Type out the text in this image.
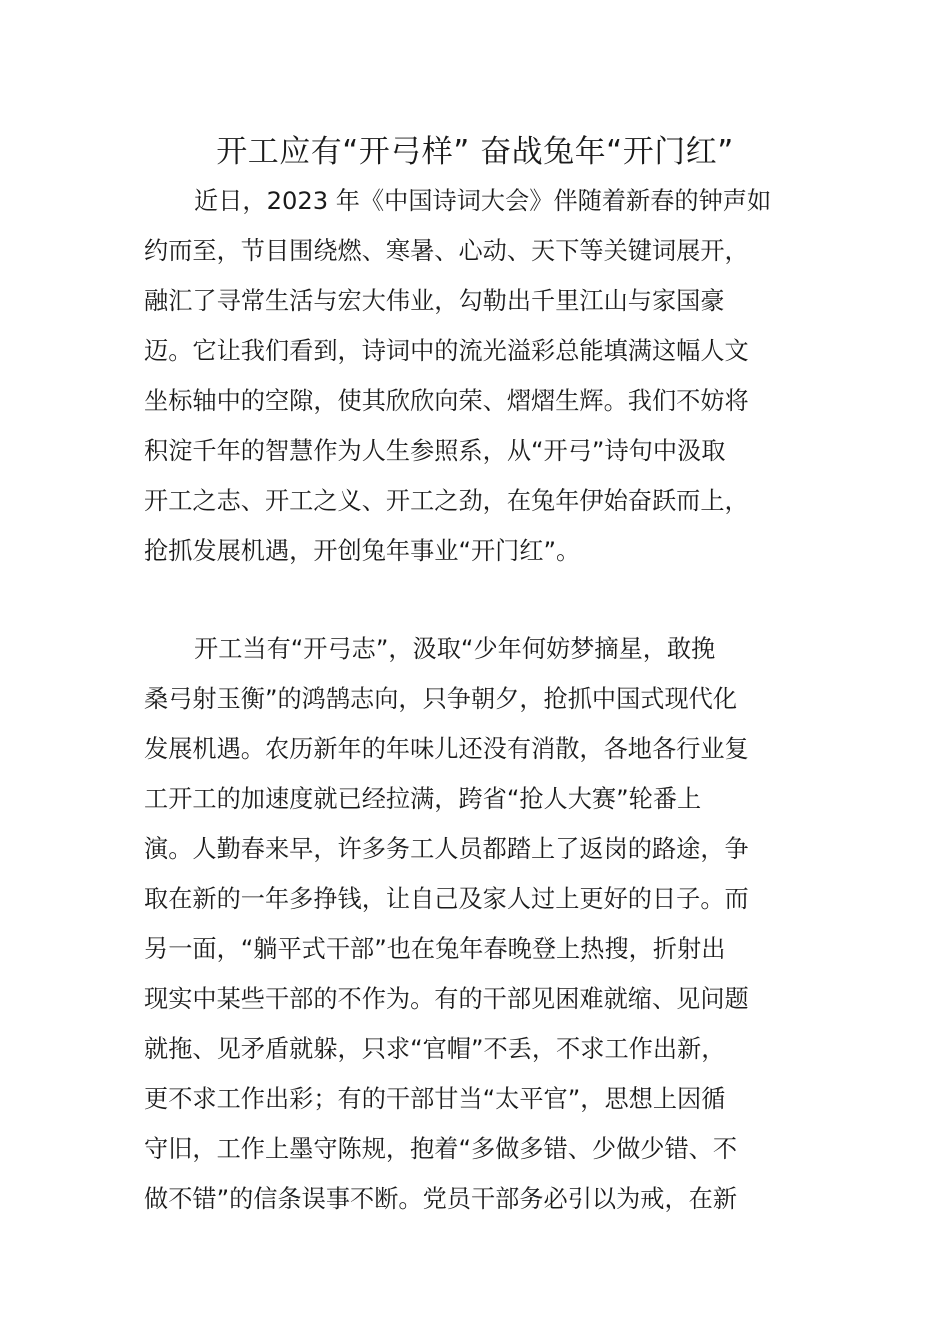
开工应有“开弓样” 奋战兔年“开门红”
近日，2023 年《中国诗词大会》伴随着新春的钟声如
约而至，节目围绕燃、寒暑、心动、天下等关键词展开，
融汇了寻常生活与宏大伟业，勾勒出千里江山与家国豪
迈。它让我们看到，诗词中的流光溢彩总能填满这幅人文
坐标轴中的空隙，使其欣欣向荣、熠熠生辉。我们不妨将
积淀千年的智慧作为人生参照系，从“开弓”诗句中汲取
开工之志、开工之义、开工之劲，在兔年伊始奋跃而上，
抢抓发展机遇，开创兔年事业“开门红”。
开工当有“开弓志”，汲取“少年何妨梦摘星，敢挽
桑弓射玉衡”的鸿鹄志向，只争朝夕，抢抓中国式现代化
发展机遇。农历新年的年味儿还没有消散，各地各行业复
工开工的加速度就已经拉满，跨省“抢人大赛”轮番上
演。人勤春来早，许多务工人员都踏上了返岗的路途，争
取在新的一年多挣钱，让自己及家人过上更好的日子。而
另一面，“躺平式干部”也在兔年春晚登上热搜，折射出
现实中某些干部的不作为。有的干部见困难就缩、见问题
就拖、见矛盾就躲，只求“官帽”不丢，不求工作出新，
更不求工作出彩；有的干部甘当“太平官”，思想上因循
守旧，工作上墨守陈规，抱着“多做多错、少做少错、不
做不错”的信条误事不断。党员干部务必引以为戒，在新
